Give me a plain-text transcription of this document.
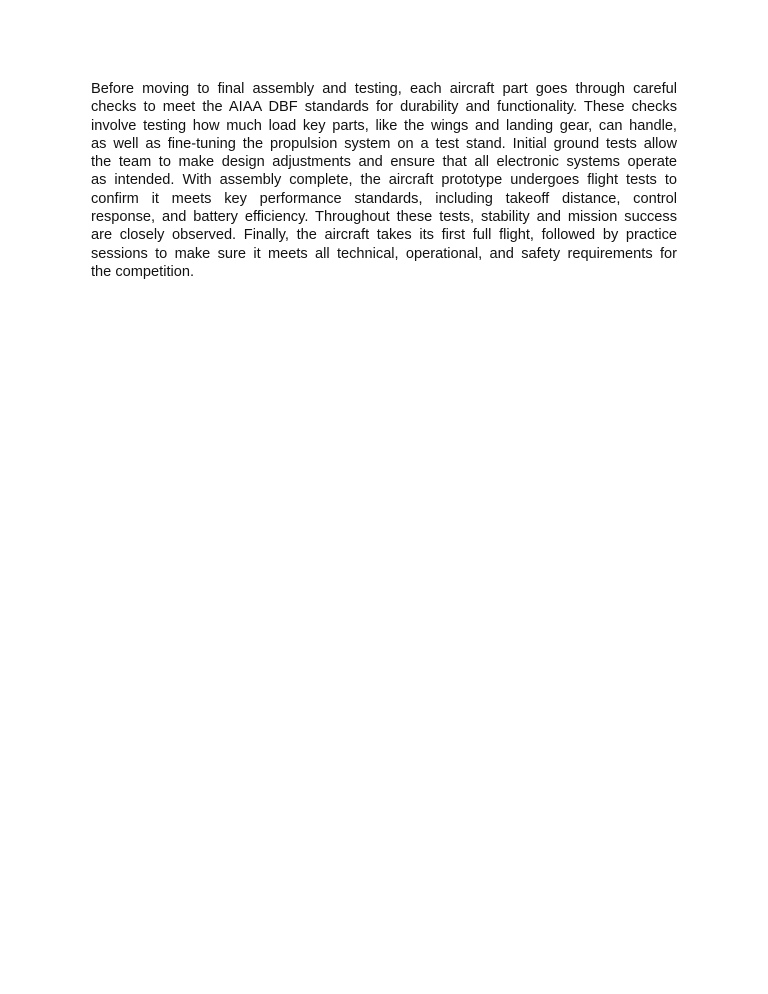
Before moving to final assembly and testing, each aircraft part goes through careful
checks to meet the AIAA DBF standards for durability and functionality. These checks
involve testing how much load key parts, like the wings and landing gear, can handle,
as well as fine-tuning the propulsion system on a test stand. Initial ground tests allow
the team to make design adjustments and ensure that all electronic systems operate
as intended. With assembly complete, the aircraft prototype undergoes flight tests to
confirm it meets key performance standards, including takeoff distance, control
response, and battery efficiency. Throughout these tests, stability and mission success
are closely observed. Finally, the aircraft takes its first full flight, followed by practice
sessions to make sure it meets all technical, operational, and safety requirements for
the competition.
